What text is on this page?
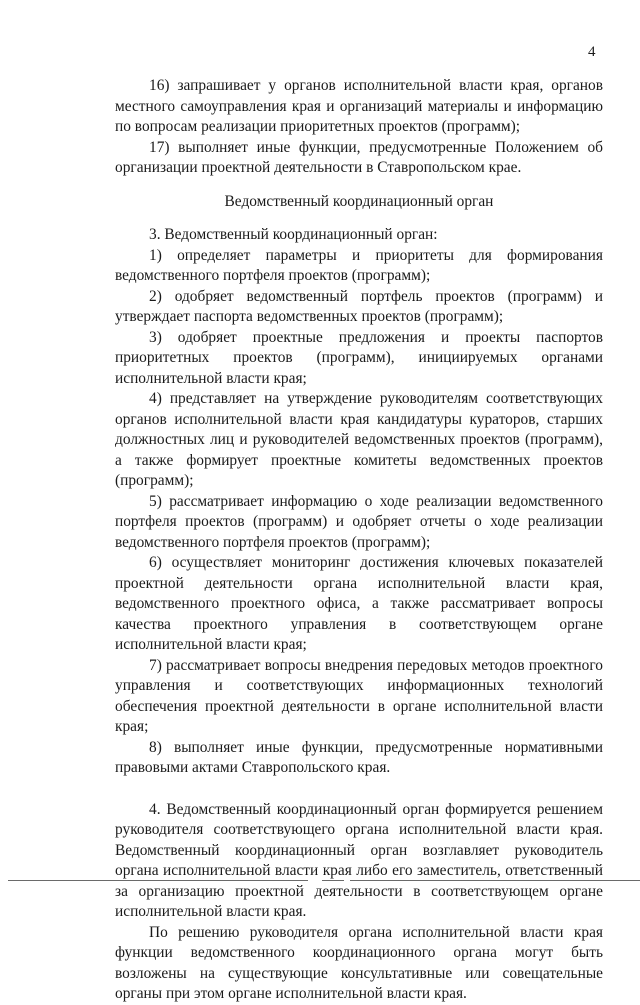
4

16) запрашивает у органов исполнительной власти края, органов местного самоуправления края и организаций материалы и информацию по вопросам реализации приоритетных проектов (программ);

17) выполняет иные функции, предусмотренные Положением об организации проектной деятельности в Ставропольском крае.

Ведомственный координационный орган

3. Ведомственный координационный орган:

1) определяет параметры и приоритеты для формирования ведомственного портфеля проектов (программ);

2) одобряет ведомственный портфель проектов (программ) и утверждает паспорта ведомственных проектов (программ);

3) одобряет проектные предложения и проекты паспортов приоритетных проектов (программ), инициируемых органами исполнительной власти края;

4) представляет на утверждение руководителям соответствующих органов исполнительной власти края кандидатуры кураторов, старших должностных лиц и руководителей ведомственных проектов (программ), а также формирует проектные комитеты ведомственных проектов (программ);

5) рассматривает информацию о ходе реализации ведомственного портфеля проектов (программ) и одобряет отчеты о ходе реализации ведомственного портфеля проектов (программ);

6) осуществляет мониторинг достижения ключевых показателей проектной деятельности органа исполнительной власти края, ведомственного проектного офиса, а также рассматривает вопросы качества проектного управления в соответствующем органе исполнительной власти края;

7) рассматривает вопросы внедрения передовых методов проектного управления и соответствующих информационных технологий обеспечения проектной деятельности в органе исполнительной власти края;

8) выполняет иные функции, предусмотренные нормативными правовыми актами Ставропольского края.

4. Ведомственный координационный орган формируется решением руководителя соответствующего органа исполнительной власти края. Ведомственный координационный орган возглавляет руководитель органа исполнительной власти края либо его заместитель, ответственный за организацию проектной деятельности в соответствующем органе исполнительной власти края.

По решению руководителя органа исполнительной власти края функции ведомственного координационного органа могут быть возложены на существующие консультативные или совещательные органы при этом органе исполнительной власти края.
